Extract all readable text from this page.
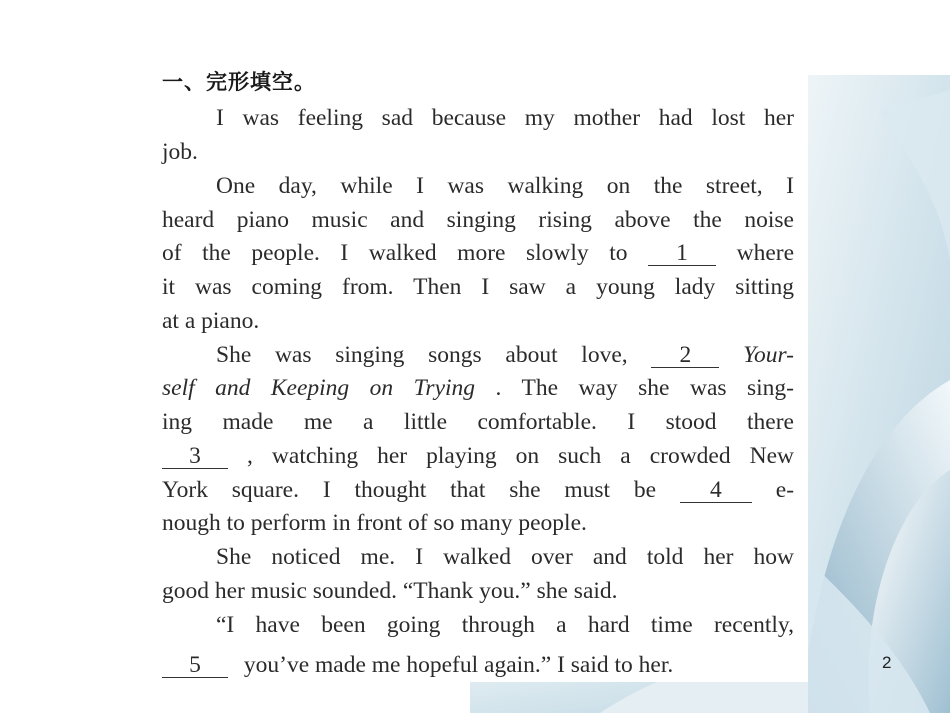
一、完形填空。
I was feeling sad because my mother had lost her
job.
One day, while I was walking on the street, I
heard piano music and singing rising above the noise
of the people. I walked more slowly to 1 where
it was coming from. Then I saw a young lady sitting
at a piano.
She was singing songs about love, 2 Your-
self and Keeping on Trying . The way she was sing-
ing made me a little comfortable. I stood there
3 , watching her playing on such a crowded New
York square. I thought that she must be 4 e-
nough to perform in front of so many people.
She noticed me. I walked over and told her how
good her music sounded. “Thank you.” she said.
“I have been going through a hard time recently,
5 you’ve made me hopeful again.” I said to her.	2
